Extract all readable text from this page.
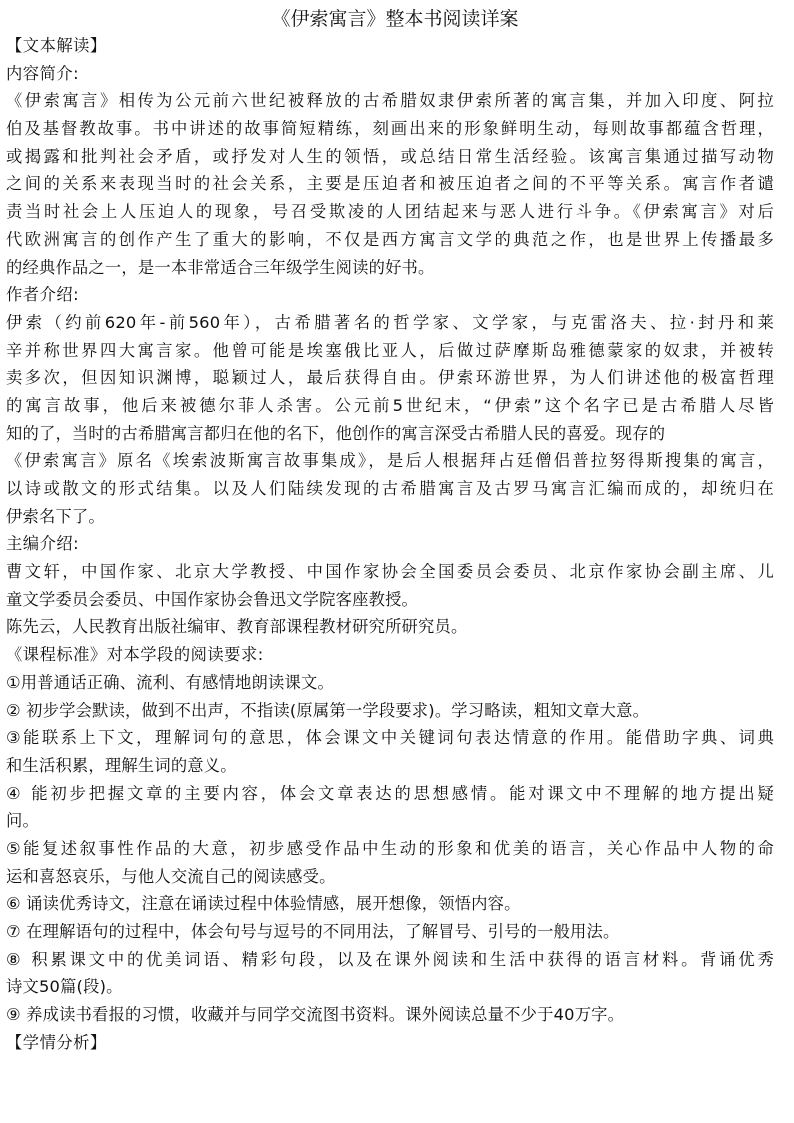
《伊索寓言》整本书阅读详案
【文本解读】
内容简介:
《伊索寓言》相传为公元前六世纪被释放的古希腊奴隶伊索所著的寓言集，并加入印度、阿拉
伯及基督教故事。书中讲述的故事简短精练，刻画出来的形象鲜明生动，每则故事都蕴含哲理，
或揭露和批判社会矛盾，或抒发对人生的领悟，或总结日常生活经验。该寓言集通过描写动物
之间的关系来表现当时的社会关系，主要是压迫者和被压迫者之间的不平等关系。寓言作者谴
责当时社会上人压迫人的现象，号召受欺凌的人团结起来与恶人进行斗争。《伊索寓言》对后
代欧洲寓言的创作产生了重大的影响，不仅是西方寓言文学的典范之作，也是世界上传播最多
的经典作品之一，是一本非常适合三年级学生阅读的好书。
作者介绍:
伊索（约前620年-前560年），古希腊著名的哲学家、文学家，与克雷洛夫、拉·封丹和莱
辛并称世界四大寓言家。他曾可能是埃塞俄比亚人，后做过萨摩斯岛雅德蒙家的奴隶，并被转
卖多次，但因知识渊博，聪颖过人，最后获得自由。伊索环游世界，为人们讲述他的极富哲理
的寓言故事，他后来被德尔菲人杀害。公元前5世纪末，“伊索”这个名字已是古希腊人尽皆
知的了，当时的古希腊寓言都归在他的名下，他创作的寓言深受古希腊人民的喜爱。现存的
《伊索寓言》原名《埃索波斯寓言故事集成》，是后人根据拜占廷僧侣普拉努得斯搜集的寓言，
以诗或散文的形式结集。以及人们陆续发现的古希腊寓言及古罗马寓言汇编而成的，却统归在
伊索名下了。
主编介绍:
曹文轩，中国作家、北京大学教授、中国作家协会全国委员会委员、北京作家协会副主席、儿
童文学委员会委员、中国作家协会鲁迅文学院客座教授。
陈先云，人民教育出版社编审、教育部课程教材研究所研究员。
《课程标准》对本学段的阅读要求:
①用普通话正确、流利、有感情地朗读课文。
② 初步学会默读，做到不出声，不指读(原属第一学段要求)。学习略读，粗知文章大意。
③能联系上下文，理解词句的意思，体会课文中关键词句表达情意的作用。能借助字典、词典
和生活积累，理解生词的意义。
④ 能初步把握文章的主要内容，体会文章表达的思想感情。能对课文中不理解的地方提出疑
问。
⑤能复述叙事性作品的大意，初步感受作品中生动的形象和优美的语言，关心作品中人物的命
运和喜怒哀乐，与他人交流自己的阅读感受。
⑥ 诵读优秀诗文，注意在诵读过程中体验情感，展开想像，领悟内容。
⑦ 在理解语句的过程中，体会句号与逗号的不同用法，了解冒号、引号的一般用法。
⑧ 积累课文中的优美词语、精彩句段，以及在课外阅读和生活中获得的语言材料。背诵优秀
诗文50篇(段)。
⑨ 养成读书看报的习惯，收藏并与同学交流图书资料。课外阅读总量不少于40万字。
【学情分析】
